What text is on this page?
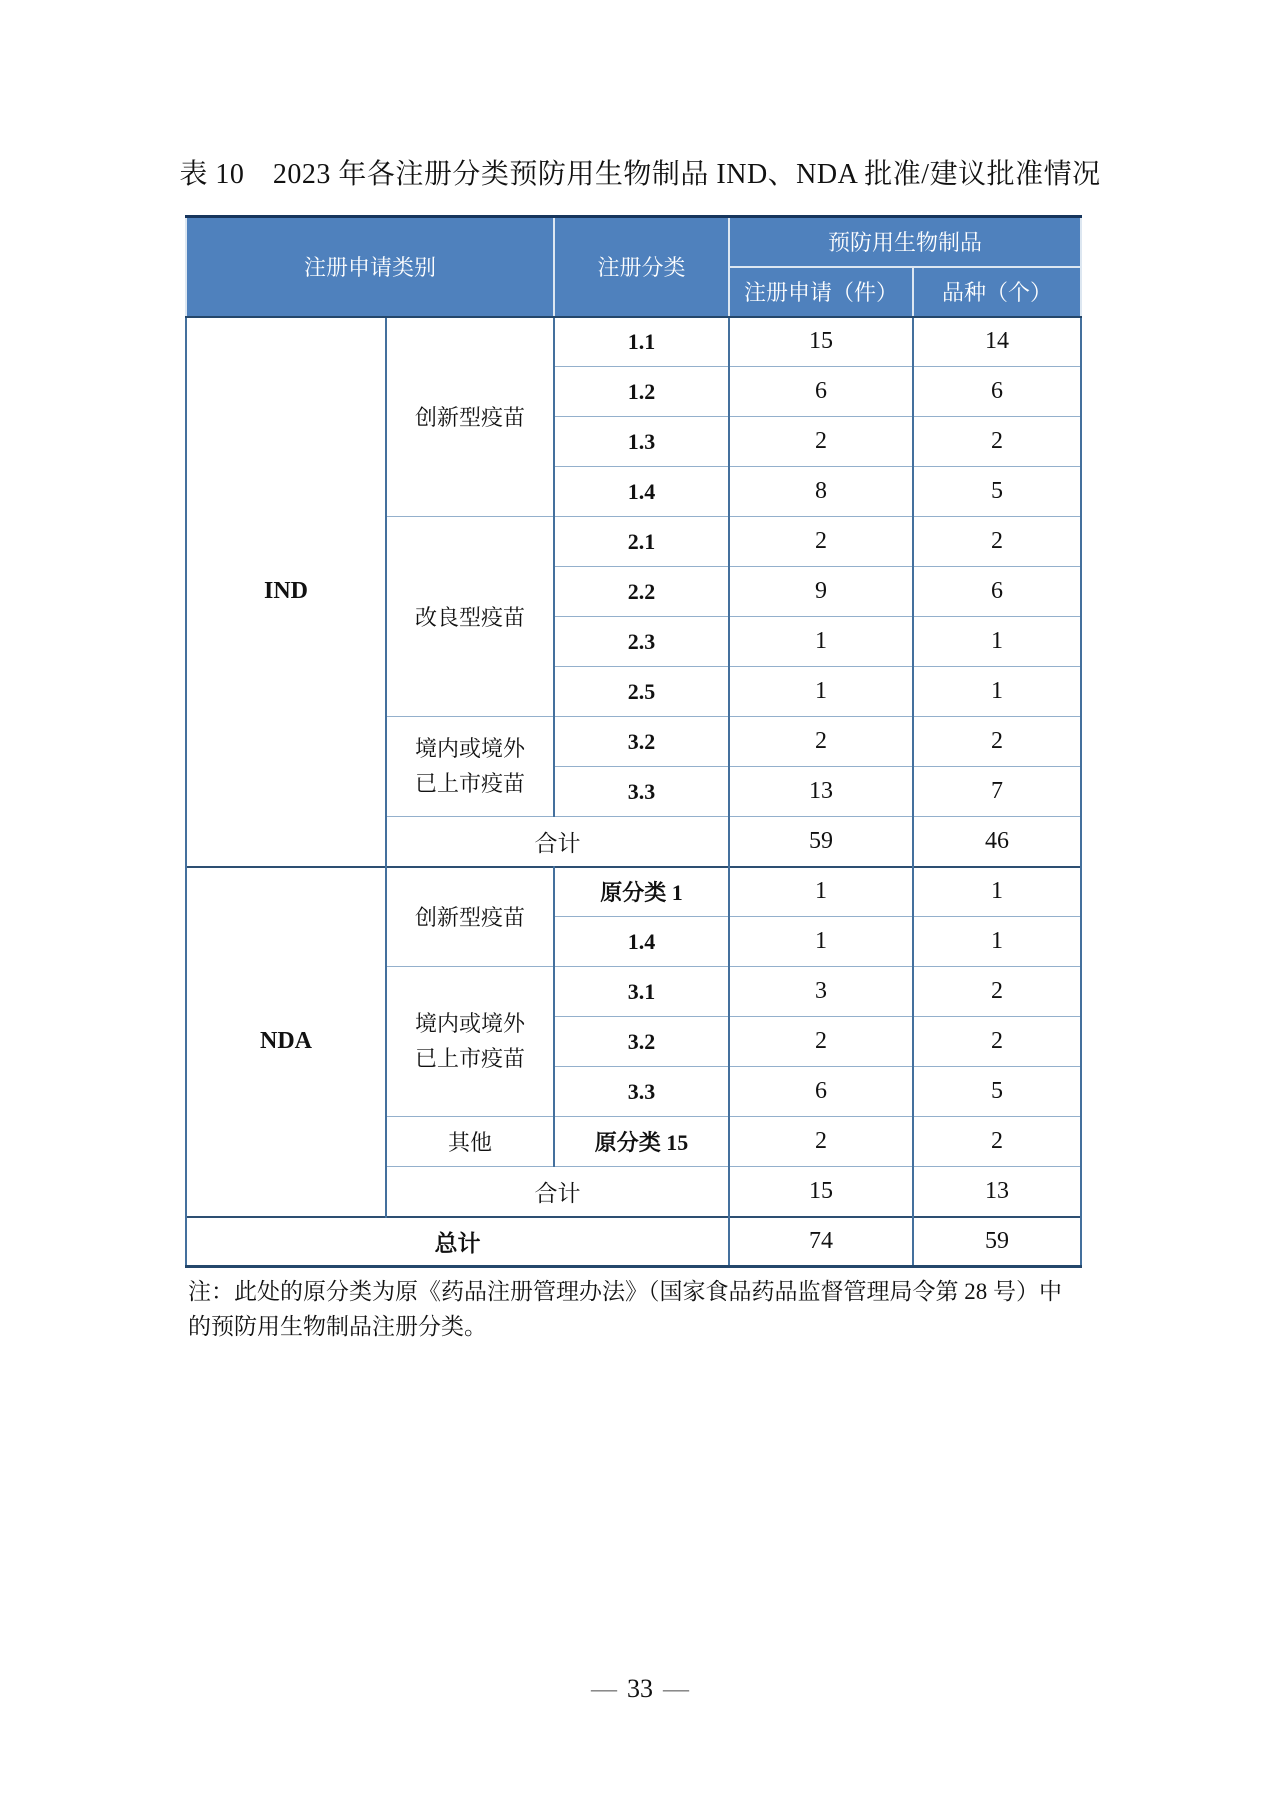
表 10　2023 年各注册分类预防用生物制品 IND、NDA 批准/建议批准情况
注册申请类别		注册分类	预防用生物制品	
			注册申请（件）	品种（个）
IND	创新型疫苗	1.1	15	14
		1.2	6	6
		1.3	2	2
		1.4	8	5
	改良型疫苗	2.1	2	2
		2.2	9	6
		2.3	1	1
		2.5	1	1
	境内或境外已上市疫苗	3.2	2	2
		3.3	13	7
	合计		59	46
NDA	创新型疫苗	原分类 1	1	1
		1.4	1	1
	境内或境外已上市疫苗	3.1	3	2
		3.2	2	2
		3.3	6	5
	其他	原分类 15	2	2
	合计		15	13
总计			74	59
注：此处的原分类为原《药品注册管理办法》（国家食品药品监督管理局令第 28 号）中
的预防用生物制品注册分类。
— 33 —
